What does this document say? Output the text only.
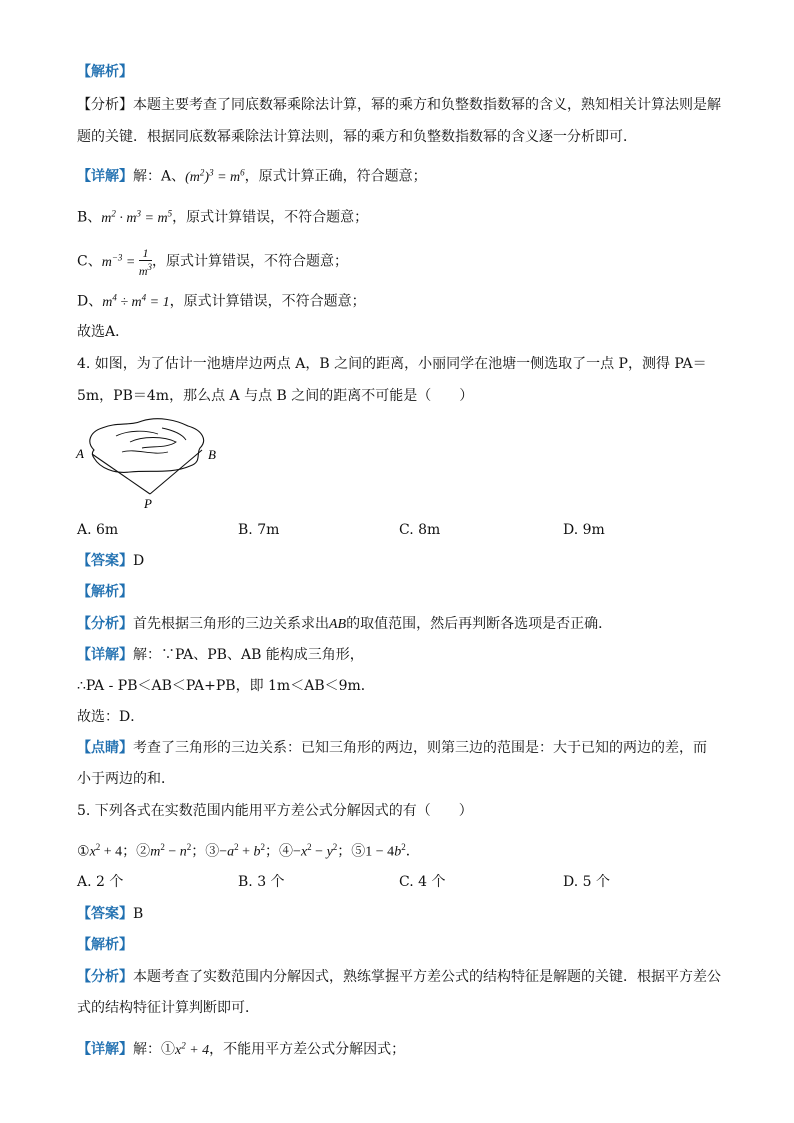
【解析】
【分析】本题主要考查了同底数幂乘除法计算，幂的乘方和负整数指数幂的含义，熟知相关计算法则是解
题的关键．根据同底数幂乘除法计算法则，幂的乘方和负整数指数幂的含义逐一分析即可．
【详解】解：A、$(m^2)^3 = m^6$，原式计算正确，符合题意；
B、$m^2 \cdot m^3 = m^5$，原式计算错误，不符合题意；
C、$m^{-3} = \frac{1}{m^3}$ ，原式计算错误，不符合题意；
D、$m^4 \div m^4 = 1$，原式计算错误，不符合题意；
故选A．
4. 如图，为了估计一池塘岸边两点 A，B 之间的距离，小丽同学在池塘一侧选取了一点 P，测得 PA＝
5m，PB＝4m，那么点 A 与点 B 之间的距离不可能是（　　）
A	B
P
A. 6m	B. 7m	C. 8m	D. 9m
【答案】D
【解析】
【分析】首先根据三角形的三边关系求出AB的取值范围，然后再判断各选项是否正确．
【详解】解：∵PA、PB、AB 能构成三角形，
∴PA - PB＜AB＜PA+PB，即 1m＜AB＜9m．
故选：D．
【点睛】考查了三角形的三边关系：已知三角形的两边，则第三边的范围是：大于已知的两边的差，而
小于两边的和．
5. 下列各式在实数范围内能用平方差公式分解因式的有（　　）
$①x^2 + 4$；$②m^2 - n^2$；$③-a^2 + b^2$；$④-x^2 - y^2$；⑤1 − $4b^2$．
A. 2 个	B. 3 个	C. 4 个	D. 5 个
【答案】B
【解析】
【分析】本题考查了实数范围内分解因式，熟练掌握平方差公式的结构特征是解题的关键．根据平方差公
式的结构特征计算判断即可．
【详解】解：$①x^2 + 4$，不能用平方差公式分解因式；
